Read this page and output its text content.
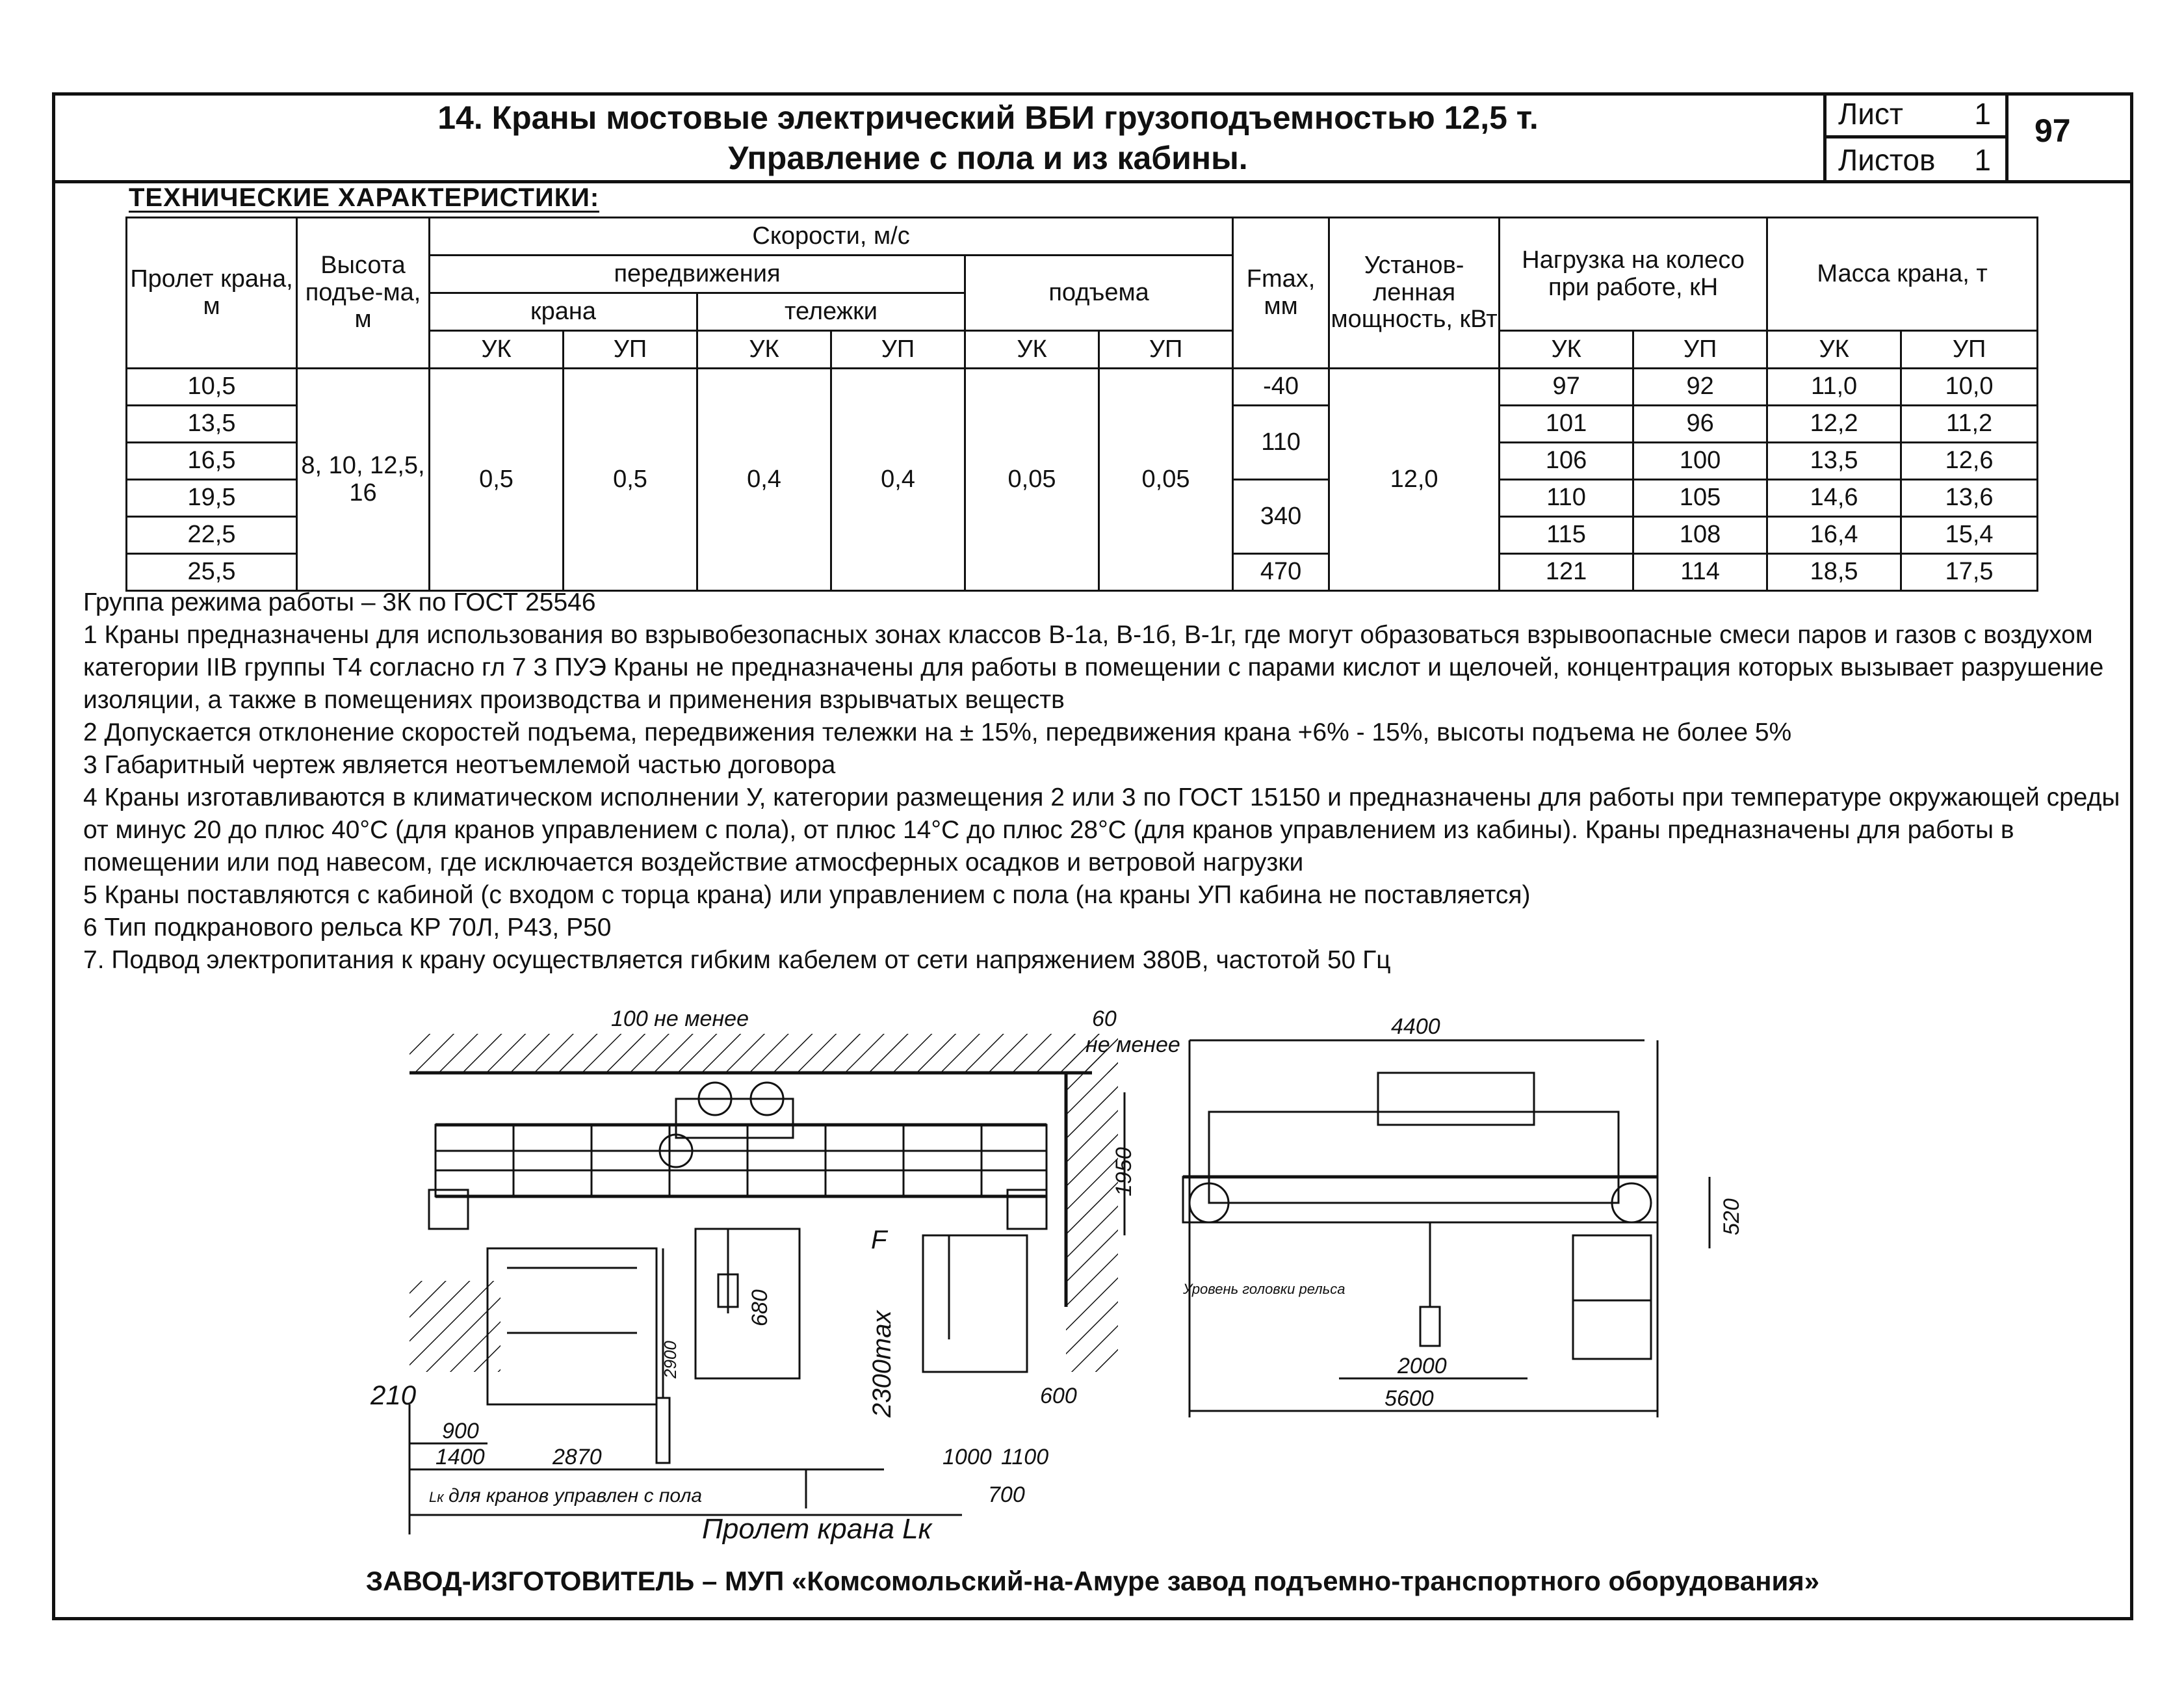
14. Краны мостовые электрический ВБИ грузоподъемностью 12,5 т.
Управление с пола и из кабины.
Лист 1
Листов 1
97
ТЕХНИЧЕСКИЕ ХАРАКТЕРИСТИКИ:
Пролет крана, м	Высота подъе-ма, м	Скорости, м/с						Fmax, мм	Установ-ленная мощность, кВт	Нагрузка на колесо при работе, кН		Масса крана, т	
		передвижения				подъема							
		крана		тележки									
		УК	УП	УК	УП	УК	УП			УК	УП	УК	УП
10,5	8, 10, 12,5, 16	0,5	0,5	0,4	0,4	0,05	0,05	-40	12,0	97	92	11,0	10,0
13,5								110		101	96	12,2	11,2
16,5										106	100	13,5	12,6
19,5								340		110	105	14,6	13,6
22,5										115	108	16,4	15,4
25,5								470		121	114	18,5	17,5

Группа режима работы – 3К по ГОСТ 25546

1 Краны предназначены для использования во взрывобезопасных зонах классов В-1а, В-1б, В-1г, где могут образоваться взрывоопасные смеси паров и газов с воздухом категории IIВ группы Т4 согласно гл 7 3 ПУЭ Краны не предназначены для работы в помещении с парами кислот и щелочей, концентрация которых вызывает разрушение изоляции, а также в помещениях производства и применения взрывчатых веществ

2 Допускается отклонение скоростей подъема, передвижения тележки на ± 15%, передвижения крана +6% - 15%, высоты подъема не более 5%

3 Габаритный чертеж является неотъемлемой частью договора

4 Краны изготавливаются в климатическом исполнении У, категории размещения 2 или 3 по ГОСТ 15150 и предназначены для работы при температуре окружающей среды от минус 20 до плюс 40°С (для кранов управлением с пола), от плюс 14°С до плюс 28°С (для кранов управлением из кабины). Краны предназначены для работы в помещении или под навесом, где исключается воздействие атмосферных осадков и ветровой нагрузки

5 Краны поставляются с кабиной (с входом с торца крана) или управлением с пола (на краны УП кабина не поставляется)

6 Тип подкранового рельса КР 70Л, Р43, Р50

7. Подвод электропитания к крану осуществляется гибким кабелем от сети напряжением 380В, частотой 50 Гц

100 не менее	60
не менее
4400
1950
520
210
900
1400	2870
2900
680
2300max	600
1000 1100
700
2000
5600
F
Уровень головки рельса
Lк для кранов управлен с пола
Пролет крана Lк
ЗАВОД-ИЗГОТОВИТЕЛЬ – МУП «Комсомольский-на-Амуре завод подъемно-транспортного оборудования»
